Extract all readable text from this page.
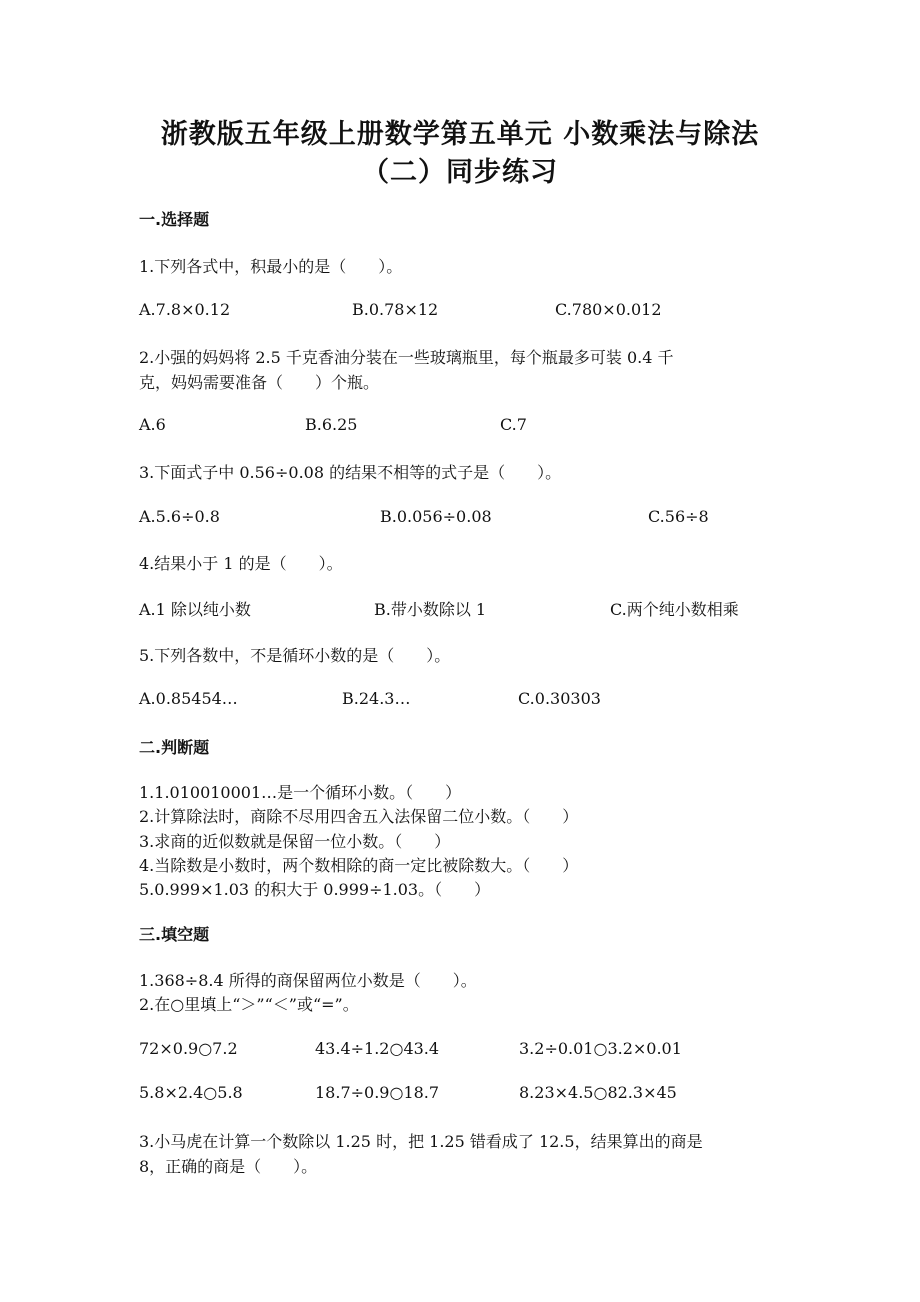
浙教版五年级上册数学第五单元 小数乘法与除法
（二）同步练习
一.选择题
1.下列各式中，积最小的是（　　）。
A.7.8×0.12	B.0.78×12	C.780×0.012
2.小强的妈妈将 2.5 千克香油分装在一些玻璃瓶里，每个瓶最多可装 0.4 千
克，妈妈需要准备（　　）个瓶。
A.6	B.6.25	C.7
3.下面式子中 0.56÷0.08 的结果不相等的式子是（　　）。
A.5.6÷0.8	B.0.056÷0.08	C.56÷8
4.结果小于 1 的是（　　）。
A.1 除以纯小数	B.带小数除以 1	C.两个纯小数相乘
5.下列各数中，不是循环小数的是（　　）。
A.0.85454…	B.24.3…	C.0.30303
二.判断题
1.1.010010001…是一个循环小数。（　　）
2.计算除法时，商除不尽用四舍五入法保留二位小数。（　　）
3.求商的近似数就是保留一位小数。（　　）
4.当除数是小数时，两个数相除的商一定比被除数大。（　　）
5.0.999×1.03 的积大于 0.999÷1.03。（　　）
三.填空题
1.368÷8.4 所得的商保留两位小数是（　　）。
2.在○里填上“＞”“＜”或“=”。
72×0.9○7.2	43.4÷1.2○43.4	3.2÷0.01○3.2×0.01
5.8×2.4○5.8	18.7÷0.9○18.7	8.23×4.5○82.3×45
3.小马虎在计算一个数除以 1.25 时，把 1.25 错看成了 12.5，结果算出的商是
8，正确的商是（　　）。
